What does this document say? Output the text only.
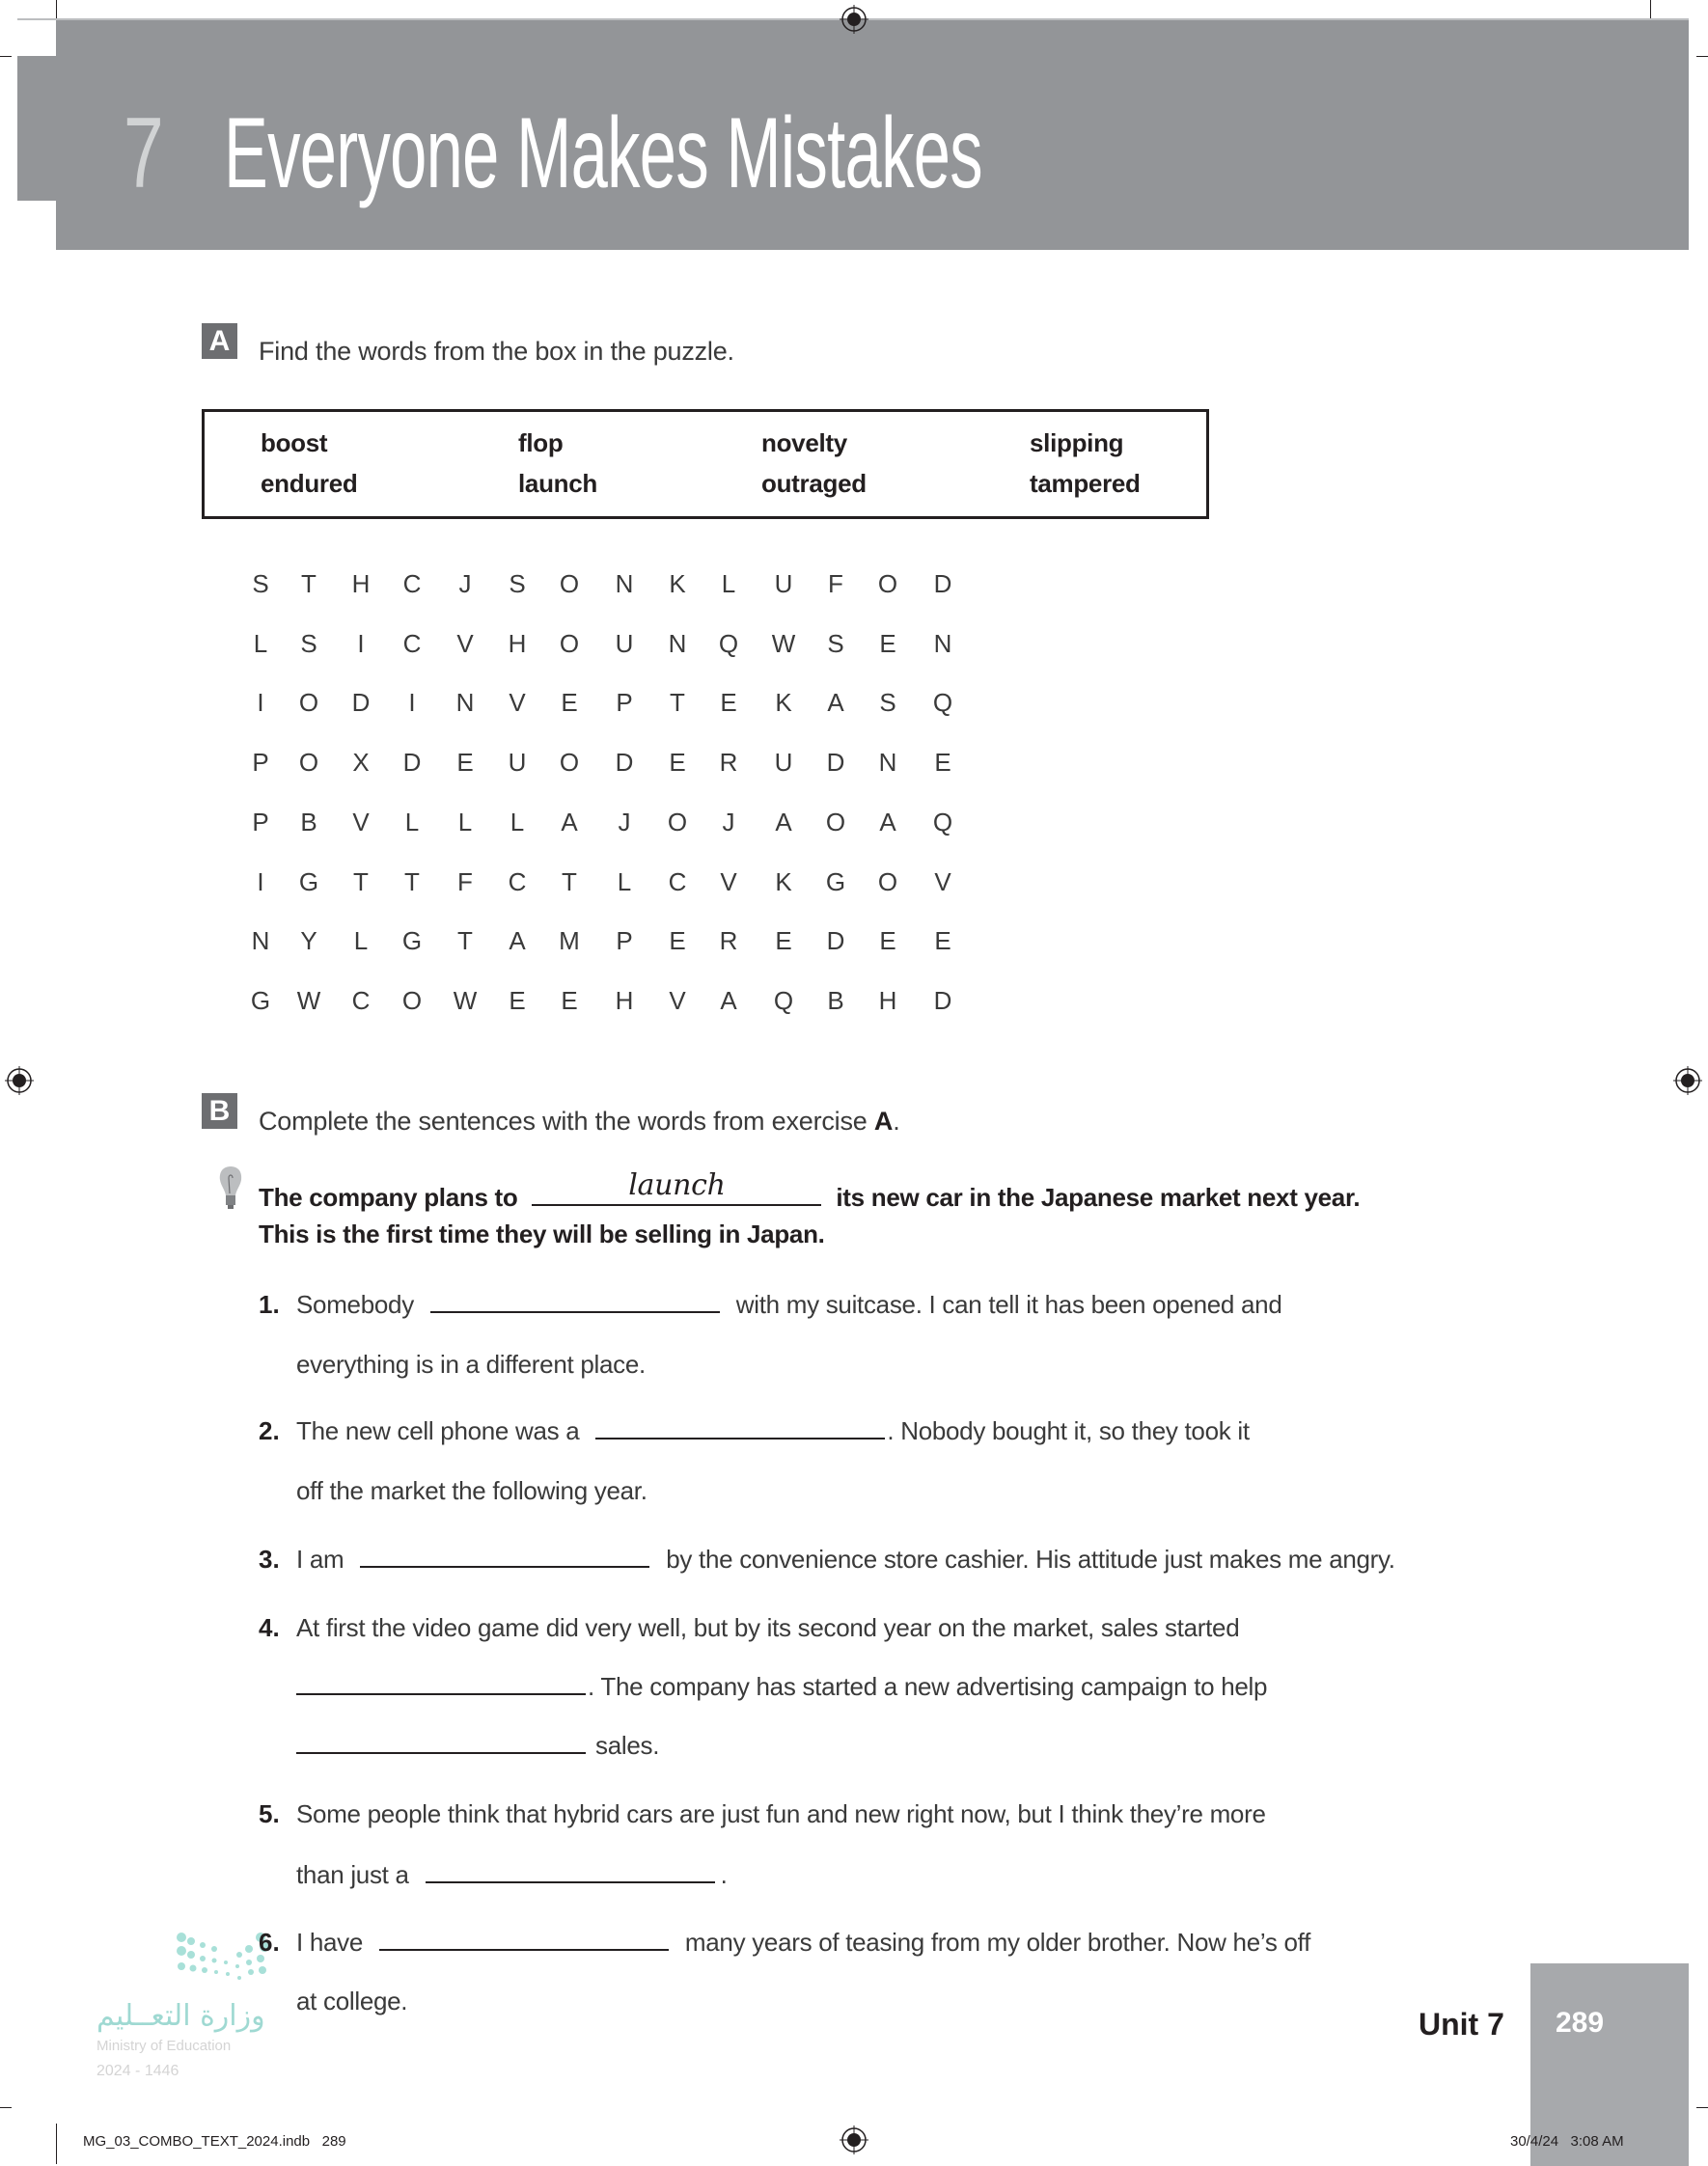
7 Everyone Makes Mistakes
A Find the words from the box in the puzzle.
boost	flop	novelty	slipping
endured	launch	outraged	tampered
S	T	H	C	J	S	O	N	K	L	U	F	O	D
L	S	I	C	V	H	O	U	N	Q	W	S	E	N
I	O	D	I	N	V	E	P	T	E	K	A	S	Q
P	O	X	D	E	U	O	D	E	R	U	D	N	E
P	B	V	L	L	L	A	J	O	J	A	O	A	Q
I	G	T	T	F	C	T	L	C	V	K	G	O	V
N	Y	L	G	T	A	M	P	E	R	E	D	E	E
G	W	C	O	W	E	E	H	V	A	Q	B	H	D
B Complete the sentences with the words from exercise A.
The company plans to	launch	its new car in the Japanese market next year.
This is the first time they will be selling in Japan.
1. Somebody	with my suitcase. I can tell it has been opened and
everything is in a different place.
2. The new cell phone was a	. Nobody bought it, so they took it
off the market the following year.
3. I am	by the convenience store cashier. His attitude just makes me angry.
4. At first the video game did very well, but by its second year on the market, sales started
. The company has started a new advertising campaign to help
sales.
5. Some people think that hybrid cars are just fun and new right now, but I think they’re more
than just a	.
وزارة التعــليم
Ministry of Education
2024 - 1446
6. I have	many years of teasing from my older brother. Now he’s off
at college.
Unit 7 289
MG_03_COMBO_TEXT_2024.indb   289	30/4/24   3:08 AM
